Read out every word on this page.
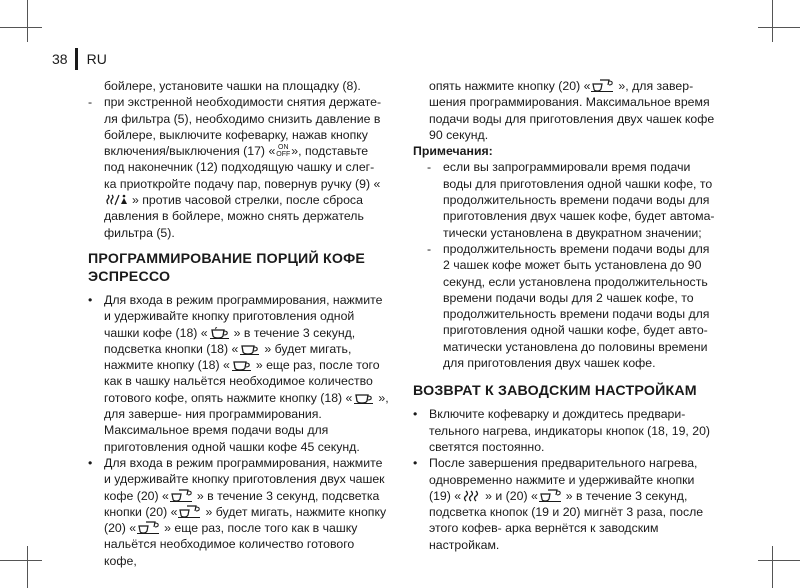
38 RU
бойлере, установите чашки на площадку (8).
- при экстренной необходимости снятия держате- ля фильтра (5), необходимо снизить давление в бойлере, выключите кофеварку, нажав кнопку включения/выключения (17) « ON
OFF », подставьте под наконечник (12) подходящую чашку и слег- ка приоткройте подачу пар, повернув ручку (9) «» против часовой стрелки, после сброса давления в бойлере, можно снять держатель фильтра (5).
ПРОГРАММИРОВАНИЕ ПОРЦИЙ КОФЕ ЭСПРЕССО
• Для входа в режим программирования, нажмите и удерживайте кнопку приготовления одной чашки кофе (18) « » в течение 3 секунд, подсветка кнопки (18) « » будет мигать, нажмите кнопку (18) « » еще раз, после того как в чашку нальётся необходимое количество готового кофе, опять нажмите кнопку (18) « », для заверше- ния программирования. Максимальное время подачи воды для приготовления одной чашки кофе 45 секунд.
• Для входа в режим программирования, нажмите и удерживайте кнопку приготовления двух чашек кофе (20) « » в течение 3 секунд, подсветка кнопки (20) « » будет мигать, нажмите кнопку (20) « » еще раз, после того как в чашку нальётся необходимое количество готового кофе,
опять нажмите кнопку (20) « », для завер- шения программирования. Максимальное время подачи воды для приготовления двух чашек кофе 90 секунд.
Примечания:
- если вы запрограммировали время подачи воды для приготовления одной чашки кофе, то продолжительность времени подачи воды для приготовления двух чашек кофе, будет автома- тически установлена в двукратном значении;
- продолжительность времени подачи воды для 2 чашек кофе может быть установлена до 90 секунд, если установлена продолжительность времени подачи воды для 2 чашек кофе, то продолжительность времени подачи воды для приготовления одной чашки кофе, будет авто- матически установлена до половины времени для приготовления двух чашек кофе.
ВОЗВРАТ К ЗАВОДСКИМ НАСТРОЙКАМ
• Включите кофеварку и дождитесь предвари- тельного нагрева, индикаторы кнопок (18, 19, 20) светятся постоянно.
• После завершения предварительного нагрева, одновременно нажмите и удерживайте кнопки (19) « » и (20) « » в течение 3 секунд, подсветка кнопок (19 и 20) мигнёт 3 раза, после этого кофев- арка вернётся к заводским настройкам.
